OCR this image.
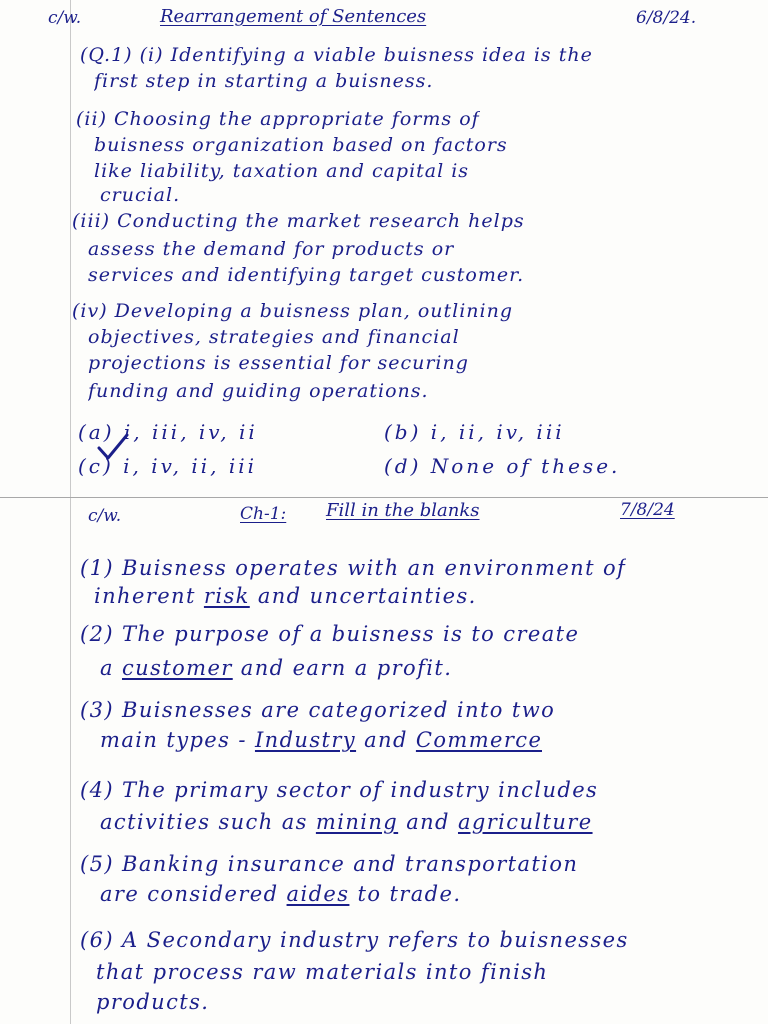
c/w.	Rearrangement of Sentences	6/8/24.
(Q.1) (i) Identifying a viable buisness idea is the
first step in starting a buisness.
(ii) Choosing the appropriate forms of
buisness organization based on factors
like liability, taxation and capital is
crucial.
(iii) Conducting the market research helps
assess the demand for products or
services and identifying target customer.
(iv) Developing a buisness plan, outlining
objectives, strategies and financial
projections is essential for securing
funding and guiding operations.
(a) i, iii, iv, ii	(b) i, ii, iv, iii
(c) i, iv, ii, iii	(d) None of these.
c/w.	Ch-1: Fill in the blanks	7/8/24
(1) Buisness operates with an environment of
inherent risk and uncertainties.
(2) The purpose of a buisness is to create
a customer and earn a profit.
(3) Buisnesses are categorized into two
main types - Industry and Commerce
(4) The primary sector of industry includes
activities such as mining and agriculture
(5) Banking insurance and transportation
are considered aides to trade.
(6) A Secondary industry refers to buisnesses
that process raw materials into finish
products.
